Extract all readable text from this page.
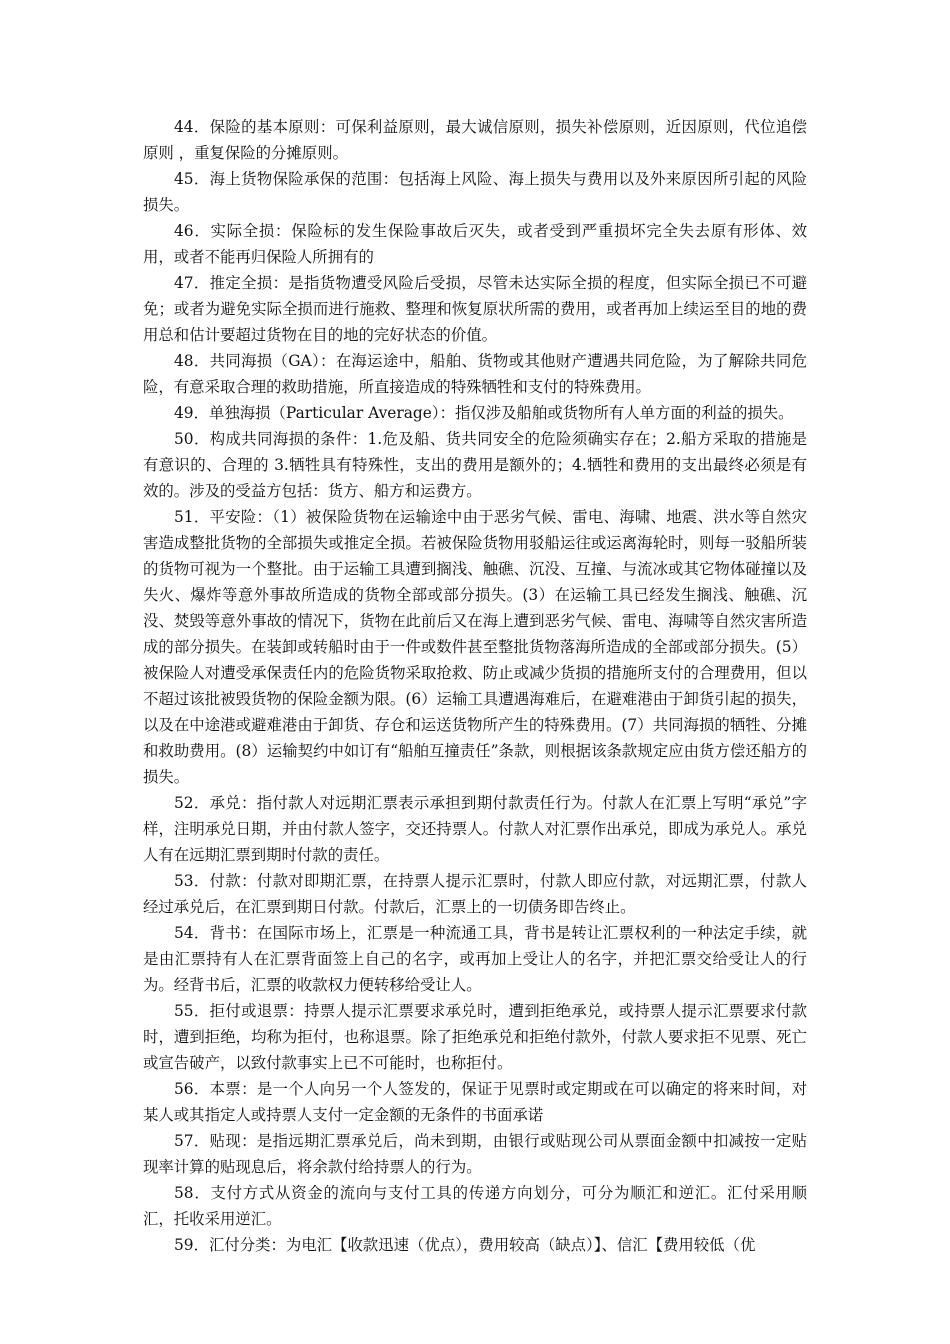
44．保险的基本原则：可保利益原则，最大诚信原则，损失补偿原则，近因原则，代位追偿原则 ，重复保险的分摊原则。

45．海上货物保险承保的范围：包括海上风险、海上损失与费用以及外来原因所引起的风险损失。

46．实际全损：保险标的发生保险事故后灭失，或者受到严重损坏完全失去原有形体、效用，或者不能再归保险人所拥有的

47．推定全损：是指货物遭受风险后受损，尽管未达实际全损的程度，但实际全损已不可避免；或者为避免实际全损而进行施救、整理和恢复原状所需的费用，或者再加上续运至目的地的费用总和估计要超过货物在目的地的完好状态的价值。

48．共同海损（GA）：在海运途中，船舶、货物或其他财产遭遇共同危险，为了解除共同危险，有意采取合理的救助措施，所直接造成的特殊牺牲和支付的特殊费用。

49．单独海损（Particular Average）：指仅涉及船舶或货物所有人单方面的利益的损失。

50．构成共同海损的条件：1.危及船、货共同安全的危险须确实存在；2.船方采取的措施是有意识的、合理的 3.牺牲具有特殊性，支出的费用是额外的；4.牺牲和费用的支出最终必须是有效的。涉及的受益方包括：货方、船方和运费方。

51．平安险：（1）被保险货物在运输途中由于恶劣气候、雷电、海啸、地震、洪水等自然灾害造成整批货物的全部损失或推定全损。若被保险货物用驳船运往或运离海轮时，则每一驳船所装的货物可视为一个整批。由于运输工具遭到搁浅、触礁、沉没、互撞、与流冰或其它物体碰撞以及失火、爆炸等意外事故所造成的货物全部或部分损失。(3）在运输工具已经发生搁浅、触礁、沉没、焚毁等意外事故的情况下，货物在此前后又在海上遭到恶劣气候、雷电、海啸等自然灾害所造成的部分损失。在装卸或转船时由于一件或数件甚至整批货物落海所造成的全部或部分损失。(5）被保险人对遭受承保责任内的危险货物采取抢救、防止或减少货损的措施所支付的合理费用，但以不超过该批被毁货物的保险金额为限。(6）运输工具遭遇海难后，在避难港由于卸货引起的损失，以及在中途港或避难港由于卸货、存仓和运送货物所产生的特殊费用。(7）共同海损的牺牲、分摊和救助费用。(8）运输契约中如订有“船舶互撞责任”条款，则根据该条款规定应由货方偿还船方的损失。

52．承兑：指付款人对远期汇票表示承担到期付款责任行为。付款人在汇票上写明“承兑”字样，注明承兑日期，并由付款人签字，交还持票人。付款人对汇票作出承兑，即成为承兑人。承兑人有在远期汇票到期时付款的责任。

53．付款：付款对即期汇票，在持票人提示汇票时，付款人即应付款，对远期汇票，付款人经过承兑后，在汇票到期日付款。付款后，汇票上的一切债务即告终止。

54．背书：在国际市场上，汇票是一种流通工具，背书是转让汇票权利的一种法定手续，就是由汇票持有人在汇票背面签上自己的名字，或再加上受让人的名字，并把汇票交给受让人的行为。经背书后，汇票的收款权力便转移给受让人。

55．拒付或退票：持票人提示汇票要求承兑时，遭到拒绝承兑，或持票人提示汇票要求付款时，遭到拒绝，均称为拒付，也称退票。除了拒绝承兑和拒绝付款外，付款人要求拒不见票、死亡或宣告破产，以致付款事实上已不可能时，也称拒付。

56．本票：是一个人向另一个人签发的，保证于见票时或定期或在可以确定的将来时间，对某人或其指定人或持票人支付一定金额的无条件的书面承诺

57．贴现：是指远期汇票承兑后，尚未到期，由银行或贴现公司从票面金额中扣减按一定贴现率计算的贴现息后，将余款付给持票人的行为。

58．支付方式从资金的流向与支付工具的传递方向划分，可分为顺汇和逆汇。汇付采用顺汇，托收采用逆汇。

59．汇付分类：为电汇【收款迅速（优点），费用较高（缺点）】、信汇【费用较低（优
